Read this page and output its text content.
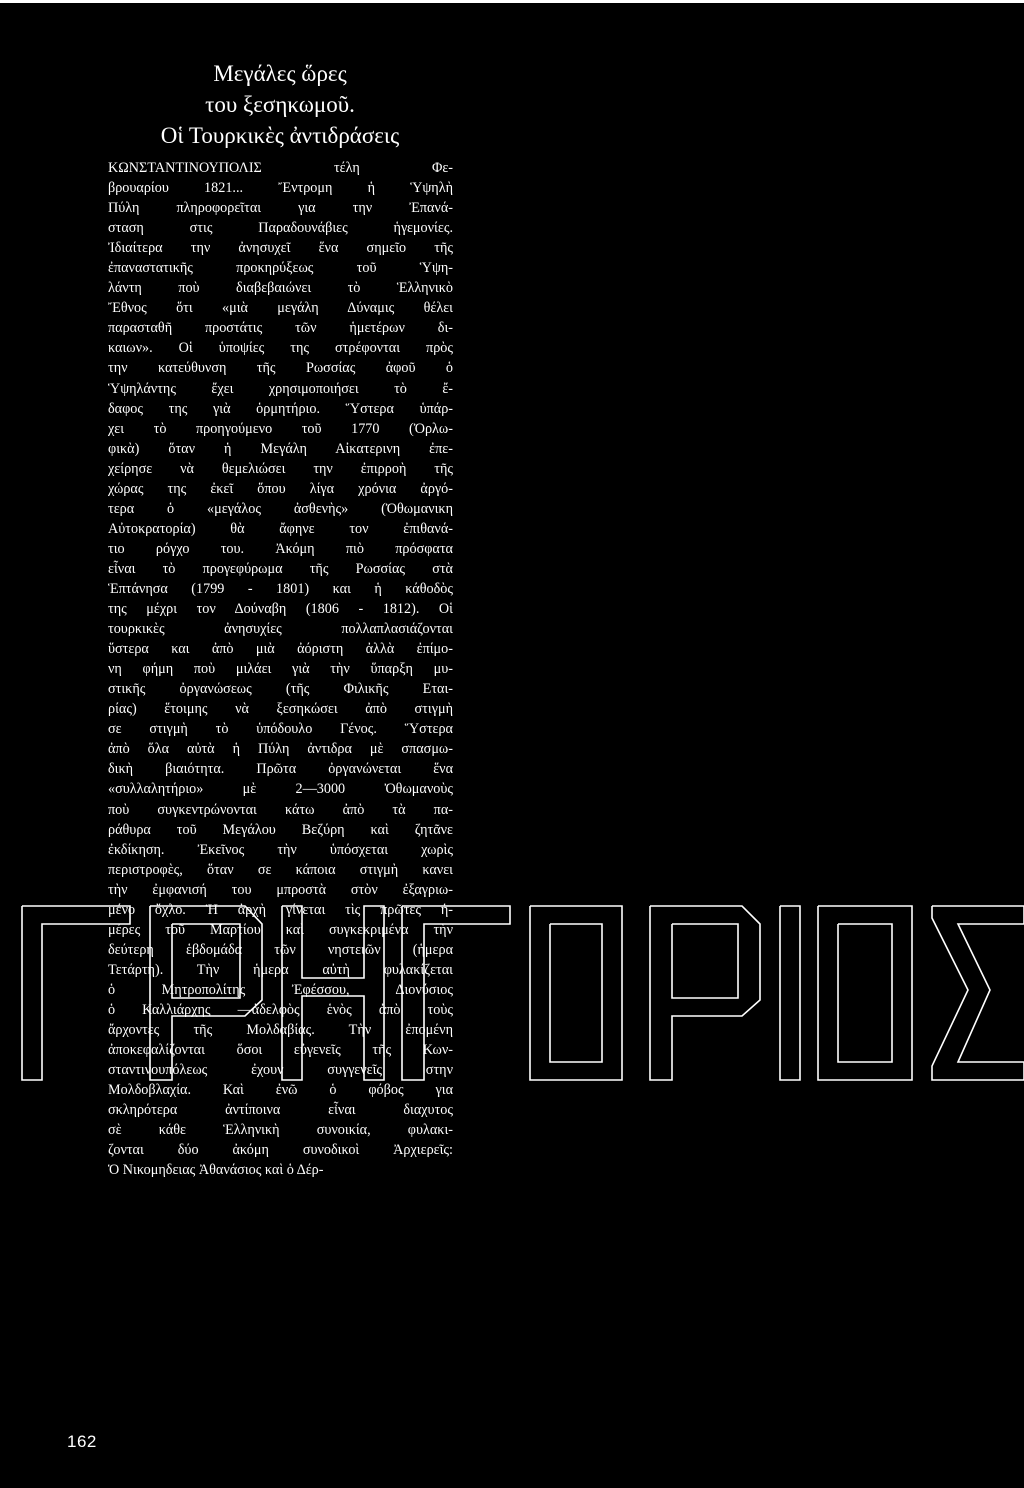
Μεγάλες ὥρες
του ξεσηκωμοῦ.
Οἱ Τουρκικὲς ἀντιδράσεις
ΚΩΝΣΤΑΝΤΙΝΟΥΠΟΛΙΣ τέλη Φε-
βρουαρίου 1821... Ἔντρομη ἡ Ὑψηλὴ
Πύλη πληροφορεῖται για την Ἐπανά-
σταση στις Παραδουνάβιες ἡγεμονίες.
Ἰδιαίτερα την ἀνησυχεῖ ἕνα σημεῖο τῆς
ἐπαναστατικῆς προκηρύξεως τοῦ Ὑψη-
λάντη ποὺ διαβεβαιώνει τὸ Ἑλληνικὸ
Ἔθνος ὅτι «μιὰ μεγάλη Δύναμις θέλει
παρασταθῆ προστάτις τῶν ἡμετέρων δι-
καιων». Οἱ ὑποψίες της στρέφονται πρὸς
την κατεύθυνση τῆς Ρωσσίας ἀφοῦ ὁ
Ὑψηλάντης ἔχει χρησιμοποιήσει τὸ ἔ-
δαφος της γιὰ ὁρμητήριο. Ὕστερα ὑπάρ-
χει τὸ προηγούμενο τοῦ 1770 (Ὀρλω-
φικὰ) ὅταν ἡ Μεγάλη Αἰκατερινη ἐπε-
χείρησε νὰ θεμελιώσει την ἐπιρροὴ τῆς
χώρας της ἐκεῖ ὅπου λίγα χρόνια ἀργό-
τερα ὁ «μεγάλος ἀσθενὴς» (Ὀθωμανικη
Αὐτοκρατορία) θὰ ἄφηνε τον ἐπιθανά-
τιο ρόγχο του. Ἀκόμη πιὸ πρόσφατα
εἶναι τὸ προγεφύρωμα τῆς Ρωσσίας στὰ
Ἑπτάνησα (1799 - 1801) και ἡ κάθοδὸς
της μέχρι τον Δούναβη (1806 - 1812). Οἱ
τουρκικὲς ἀνησυχίες πολλαπλασιάζονται
ὕστερα και ἀπὸ μιὰ ἀόριστη ἀλλὰ ἐπίμο-
νη φήμη ποὺ μιλάει γιὰ τὴν ὕπαρξη μυ-
στικῆς ὀργανώσεως (τῆς Φιλικῆς Εται-
ρίας) ἕτοιμης νὰ ξεσηκώσει ἀπὸ στιγμὴ
σε στιγμὴ τὸ ὑπόδουλο Γένος. Ὕστερα
ἀπὸ ὅλα αὐτὰ ἡ Πύλη ἀντιδρα μὲ σπασμω-
δικὴ βιαιότητα. Πρῶτα ὀργανώνεται ἕνα
«συλλαλητήριο» μὲ 2—3000 Ὀθωμανοὺς
ποὺ συγκεντρώνονται κάτω ἀπὸ τὰ πα-
ράθυρα τοῦ Μεγάλου Βεζύρη καὶ ζητᾶνε
ἐκδίκηση. Ἐκεῖνος τὴν ὑπόσχεται χωρὶς
περιστροφὲς, ὅταν σε κάποια στιγμὴ κανει
τὴν ἐμφανισή του μπροστὰ στὸν ἐξαγριω-
μένο ὄχλο. Ἡ ἀρχὴ γίνεται τὶς πρῶτες ἡ-
μέρες τοῦ Μαρτίου καὶ συγκεκριμένα τὴν
δεύτερη ἑβδομάδα τῶν νηστειῶν (ἡμερα
Τετάρτη). Τὴν ἡμερα αὐτὴ φυλακίζεται
ὁ Μητροπολίτης Ἐφέσσου, Διονύσιος
ὁ Καλλιάρχης —ἀδελφὸς ἑνὸς ἀπὸ τοὺς
ἄρχοντες τῆς Μολδαβίας. Τὴν ἐπομένη
ἀποκεφαλίζονται ὅσοι εὐγενεῖς τῆς Κων-
σταντινουπόλεως ἐχουν συγγενεῖς στην
Μολδοβλαχία. Καὶ ἐνῶ ὁ φόβος για
σκληρότερα ἀντίποινα εἶναι διαχυτος
σὲ κάθε Ἑλληνικὴ συνοικία, φυλακι-
ζονται δύο ἀκόμη συνοδικοὶ Ἀρχιερεῖς:
Ὁ Νικομηδειας Ἀθανάσιος καὶ ὁ Δέρ-
162
